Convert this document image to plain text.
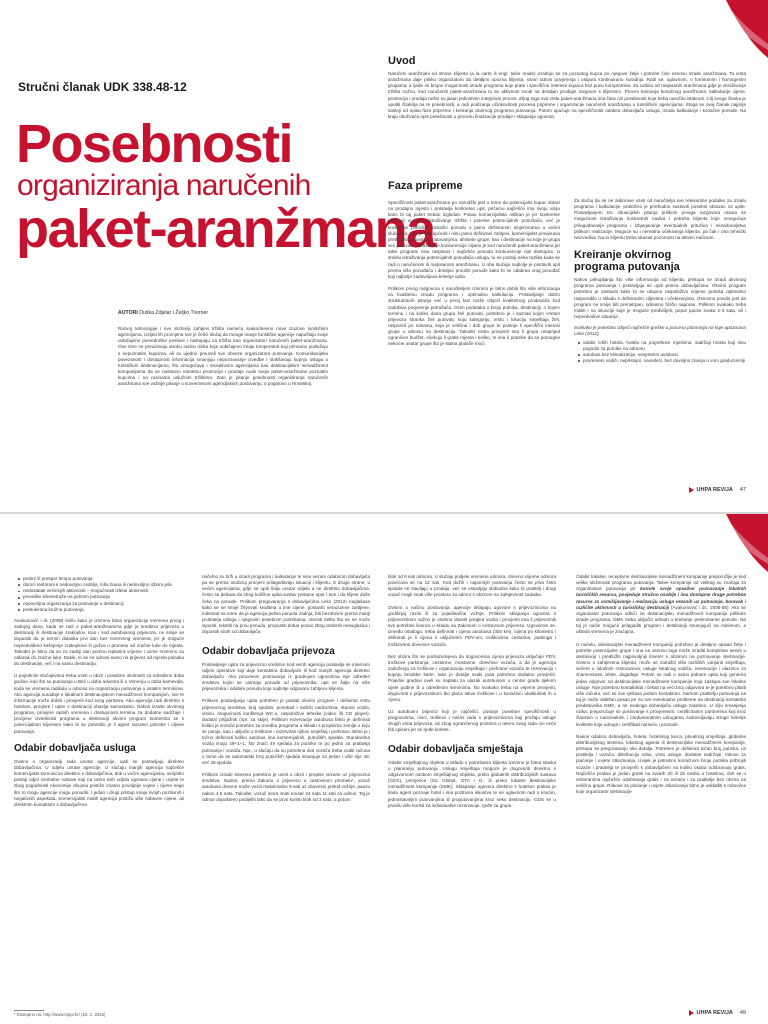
Stručni članak UDK 338.48-12
Posebnosti
organiziranja naručenih
paket-aranžmana
AUTORI Duška Zdjelar i Željko Trezner
Razvoj tehnologije i sve složeniji zahtjevi tržišta nameću svakodnevno nove izazove turističkim agencijama. Usljed tih promjena sve je češći slučaj da mnoge manje turističke agencije napuštaju svoje uobičajene posredničke poslove i nastupaju na tržištu kao organizatori naručenih paket-aranžmana. One time ne preuzimaju visoku razinu rizika koje uobičajeno imaju turoperatori koji primamo poslužuju s nepoznatim kupcima, ali su ujedno preuzeli sve obveze organizatora putovanja. Komunikacijska povezanost i dostupnost informacija smanjuju nepoznavanje izvedbe i olakšavaju kupnju usluga u turističkim destinacijama, što omogućava i receptivnim agencijama kao destinacijskim menadžment kompanijama da se nastavno nametnu promocije i prodaje nude svoje paket-aranžmane poznatim kupcima i na razinama uslužnim tržištima. Zato je pitanje posebnosti organiziranja naručenih aranžmana sve važnije pitanje u suvremenom agencijskom poslovanju, a pogotovo u Hrvatskoj.
Uvod
Naručeni aranžmani od strane klijenta (a la carte ili engl. tailor made) izrađuju se za poznatog kupca po njegove želje i potrebe čine osnovu izrade aranžmana. Ta vrsta aranžmana daje priliku organizatoru da detaljno upozna klijenta, stvori odnos povjerenja i osigura kontinuiranu suradnju. Radi se, uglavnom, o formiranim i homogenim grupama, a rjeđe se brojne mogućnosti izrade programa koje prate i specifične interese kupaca bez puno kompromisa. Za razliku od raspisanih aranžmana gdje je istraživanje tržišta nužno, kod naručenih paket-aranžmana to se aktivnost svodi na detaljan prodajni razgovor s klijentom. Proces kreiranja konačnog aranžmana, kalkulacije cijene, promocija i prodaja nešto su jasan jedinstven integrirani proces. Zbog toga ova vrsta paket-aranžmana ima čitav niz posebnosti koje treba naročito istaknuti. Cilj ovoga članka je uputiti čitatelja na te posebnosti, a radi podizanja učinkovitosti procesa pripreme i organizacije naručenih aranžmana u turističkim agencijama. Stoga se ovaj članak najprije sastoji od opisa faze pripreme i kreiranja okvirnog programa putovanja. Potom upućuje na specifičnosti odabira dobavljača usluga, izradu kalkulacije i konačne ponude. Na kraju obuhvaća opis posebnosti u procesu finalizacije prodaje i sklapanja ugovora.
Faza pripreme
Specifičnost paket-aranžmana po narudžbi jest u tome da potencijalni kupac dolazi na prodajno mjesto i postavlja konkretan upit, pričemu najčešće ima svoju viziju kako bi taj paket trebao izgledati. Posao komercijalista oslikan je jer konkretne prethodi općenito istraživanje tržišta i potrebe potencijalnih potrošača, već je konkretan potrošač zatražio ponudu s jasno definiranim smjernicama u većini slučajeva. Ako je upit općenit i nisu jasno definirani zahtjevi, komercijalist provjerava prethodna iskustva s putovanjima, afinitete grupe, kao i destinacije na koje je grupa već putovala. Istraživanje konkurencije ciljano je kod naručenih paket-aranžmana jer takvi programi nisu raspisani i najčešće ponuda konkurencije nije dostupna. U smislu istraživanja potencijalnih ponuđača usluga, tu ne postoji neka razlika kada se radi o naručenom ili raspisanom aranžmanu. U oba slučaja najbolje je postaviti upit prema više ponuđača i detaljno proučiti ponude kako bi se odabrao onaj ponuđač koji najbolje zadovoljava kriterije upita.
Prilikom prvog razgovora s naručiteljem iznimno je bitno dobiti što više informacija za kvalitetnu izradu programa i optimalnu kalkulaciju. Postavljanje dobro strukturiranih pitanja već u prvoj fazi može izbjeći kvalitetnog prodavača kod zadobiva povjerenje potrošača. Osim podataka o broju putnika, destinaciji, o kojem terminu i na koliko dana grupa želi putovati, potrebno je i saznati kojim vrstom prijevoza stranka želi putovati, koju kategoriju, vrstu i lokaciju smještaja želi, raspored po sobama, koja je veličina i dob grupe te postoje li specifični interesi grupe u odnosu na destinaciju. Također treba provjeriti ima li grupa unaprijed ograničen budžet, očekuju li gratis mjesta i koliko, te ima li potrebe da se pomogne nekome unutar grupe što je stalna plateže moći.
Za slučaj da se ne zaborave uzeti od naručitelja sve relevantne podatke za izradu programa i kalkulacije, praktično je prethodno sastaviti posebni obrazac za upite. Postavljanjem tzv. situacijskih pitanja prilikom prvoga razgovora otvara se mogućnost istraživanja konkretnih navika i potreba klijenta koje omogućuje prilagođavanje programa i izbjegavanje eventualnih prituživa i nezadovoljstva prilikom realizacije. Moguće su i nerealna očekivanja klijenta, pa čak i ona tehnički neizvediva. Na to klijentu treba ukazati pozornost na takvim načinom.
Kreiranje okvirnog
programa putovanja
Nakon prikupljanja što više informacija od klijenta, pristupa se izradi okvirnog programa putovanja i postavljaju se upiti prema dobavljačima. Okvirni program potrebno je sastaviti kako bi se ukupno raspoloživo vrijeme putnika optimalno rasporedilo u skladu s definiranim ciljevima i očekivanjima. Osnovno pravilo jest da program ne smije biti prenatrpan, odnosno fizički naporan. Prilikom svakako treba misliti i na situacije koje je moguće predvidjeti, poput pauze svaka 2-3 sata, ali i nepredvidive situacije.
Svakako je potrebno izbjeći najčešće greške u procesu planiranja na koje upozorava Leko (2012):
odabir loših hotela, hotela na pogrešnim mjestima, sadržaji hotela koji nisu pogodni za putnike na odmoru
autobusi bez klimatizacije, nespremni autobusi
povremeni vodiči, nepristojni, navodeći, bez dovoljno znanja o vom gradu/zemlji
UHPA REVIJA 47
prebrz ili prespor tempo putovanja
obroci restorani s nedovoljno osoblja, loša hrana ili nedovoljno izbora jela
nedostatak večernjih aktivnosti – mogućnosti izleta/ aktivnosti
prevelike kilometraže na jednom putovanju
nepovoljna organizacija za putovanje u destinaciji
prebukirana kružna putovanja.
Avakumović i dr. (2008) ističu kako je iznimno bitna organizacija vremena prvog i zadnjeg dana, kada se radi o paket-aranžmanima gdje je sredstvo prijevoza u destinaciji ili destinacije zrakoplov. Kao i kod autobusnog prijevoza, ne smije se dopustiti da je termin dolaska prvi dan bez rezervnog vremena, jer je moguće nepredviđeno kašnjenje zrakoplova ili gužva u prometu od zračne luke do mjesta. Također je bitno da se za zadnji dan pomno isplanira vrijeme i uzme rezervno za odlazak do zračne luke. Dakle, to se ne odnosi samo na prijevoz od mjesta polaska do destinacije, već i na samu destinaciju.
U pojedinim slučajevima treba uzeti u obzir i posebne okolnosti za određeno doba godine, kao što su putovanja u Beč u doba adventa ili u Veneciju u doba karnevala, kada se vremena radikalu u odnosu na organizaciju putovanja u ostalim terminima. Ako agencija surađuje s lokalnom destinacijskom menadžment kompanijom, sve te informacije može dobiti i provjeriti kod svog partnera. Ako agencija radi direktno s hotelom, provjere i upite o destinaciji obavlja samostalno. Nakon izrade okvirnog programa, provjere radnih vremena i dostupnosti termina za dodatne sadržaje i procjene izvedivosti programa u destinaciji okvirni program komentira se s potencijalnim klijentom kako bi se potvrdilo je li agent razumio potrebe i ciljeve putovanja.
Odabir dobavljača usluga
Ovisno o organizaciji rada unutar agencije, upiti se postavljaju direktno dobavljačima. U odjelu unutar agencije. U slučaju manjih agencija najčešće komercijalist komunicira direktno s dobavljačima, dok u većim agencijama, nerijetko postoji odjel centralne nabave koji na razini svih odjela ugovara cijene i uvjete te zbog pogodnosti ekonomije obujma postiže znatno povoljnije uvjete i cijene nego što to mogu agencije mogu ponuditi. I jedan i drugi pristup imaju svojih pozitivnih i negativnih aspekata. Komercijalisti malih agencija postižu više nabavne cijene, ali direktnim kontaktom s dobavljačima
načelno su brži u izradi programa i kalkulacije te nisu vezani odabirom dobavljača pa se prema osobnoj procjeni prilagođavaju situaciji i klijentu. S druge strane, u većim agencijama, gdje se upiti šalju unutar odjela a ne direktno dobavljačima, često se dešava da zbog količine upita sustav postane spor i tom i da klijent duže čeka na ponude. Prilikom pregovaranja s dobavljačima Leko (2012) naglašava kako se ne smije žrtvovati kvaliteta u ime cijene, postaviti nerazumne zahtjeve, indistrati na tome da je agencija jedina ponuda zadnja, biti bezobzirni prema manji prubateja usluga i njegovim posebnim potrebama, otezati nešto što se ne može ispuniti, tekstiti na prvu ponudu, propustiti dobar posao zbog osobnih nesuglasica i dopustiti strah od dobavljača.
Odabir dobavljača prijevoza
Postavljanje upita za prijevozno sredstvo kod većih agencija postavlja se internom odjelu operative koji daje kontaktira dobavljače ili kod manjih agencija direktno dobavljaču. Ako procesom posrovanja iz gradinjem ugovorima nije određen sredstvo kojim se ustmaju ponude od prijevoznika, upit se šalje na više prijevoznika i odabire ponuda koja najbolje odgovara zahtjevu klijenta.
Prilikom postavljanja upita potrebno je poslati okvirni program i definirati vrstu prijevoznog sredstva, broj sjedala, ponekad i različit nadzorstva, starost vozila, visinu, mogućnosti korištenja WC-a, raspoložive tehnike (video i/li CD player), dodatni prtljažnik (npr. za skije). Prilikom rezervacije autobusa bitno je definirati koliko je vozača potrebno za izvedbu programa u skladu s propisima zemlje u koju se putuje, kao i uključiti u troškove i rezervirati njihov smještaj i prehranu. Bitno je i točno definirati koliko autobus ima komercijalnih, putničkih sjedala. Standardna vozila imaju 49+1+1, što znači 49 sjedala za putnike te po jedno za pratitelja putovanja i vozača. Npr., u slučaju da su potrebna dva vozača treba voditi računa o tome da se automatski broj putničkih sjedala smanjuje za jedan i više nije 49, već 48 sjedala.
Prilikom izrade itinerera potrebno je uzeti u obzir i propise vezane uz prijevozna sredstva. Naime, prema Zakonu o prijevozu u cestovnom prometu¹, vozač autobusa dnevno može voziti maksimalno 9 sati uz obavezni prekid vožnje, pauzu nakon 4,5 sata. Također, vozač mora imati unutar 24 sata 11 sati za odmor. Taj je odmor dopušteno podijeliti tako da se prvo koristi blok od 3 sata, a potom
blok od 9 sati odmora. U slučaju podjele vremena odmora, dnevno vrijeme odmora povećava se na 12 sati. Kod dužih i napornijih putovanja često se prva četiri sjedala ne stavljaju u prodaju, već se ostavljaju slobodna kako bi pratitelj i drugi vozač mogli imati više prostora za odmor s obzirom na zahtjevnost zadatka.
Ovisno o načinu poslovanja, agencije sklapaju ugovore s prijevoznicima na godišnjoj razini ili za pojedinačne vožnje. Prilikom sklapanja ugovora s prijevoznikom važno je osobno obaviti pregled vozila i provjeriti ima li prijevoznik sve potrebne licence u skladu sa Zakonom o cestovnom prijevozu. Ugovorom se, između ostaloga, treba definirati i cijena autobusa (300 km), cijena po kilometru i definirati je li cijena s uključenim PDV-om, troškovima cestarina, parkinga i troškovima dnevnice vozača.
Bez obzira što se podrazumijeva da dogovorena cijena prijevoza uključuje PDV, troškove parkiranja, cestarine, mostarine, dnevnice vozača, a da je agencija zaduženja za troškove i organizaciju smještaja i prehrane vozača te rezervaciju i kupnju brodske karte, tako je detalje svaki puta potrebno dodatno provjeriti. Pojedini gradovi uveli su naplatu za ulazak autobusom u centar grada tijekom cijele godine ili u određenim terminima, što svakako treba na vrijeme provjeriti, dogovoriti s prijevoznikom tko plaća takve troškove i u konačnici ukalkulirati ih u cijenu.
Uz autobusni prijevoz koji je najčešći, postoje posebne specifičnosti u pregovorima, rizici, troškovi i načini rada s prijevoznicima koji pružaju usluge drugih vrsta prijevoza, ali zbog ograničenog prostora u okviru ovog rada oni neće biti opisani jer se rjeđe koriste.
Odabir dobavljača smještaja
Odabir smještajnog objekta u skladu s potrebama klijenta iznimno je bitna stavka u planiranju putovanja. Uslugu smještaja moguće je dogovoriti direktno s odgovornom osobom smještajnog objekta, preko globalnih distribucijskih sustava (GDS), primjerice (Sic Global, GTA i sl., ili preko lokalne destinacijske menadžment kompanije (DMK). Sklapanje ugovora direktno s hotelom praksa je kada agent poznaje hotel i ima pozitivna iskustva te se uglavnom radi o kraćim, jednostavnijim putovanjima ili proputovanjima kroz neku destinaciju. GDS se u pravilu više koristi za individualne rezervacije, rjeđe za grupe.
Odabir lokalne, receptivne destinacijske menadžment kompanije preporučljiv je kod velike složenosti programa putovanja. Takve kompanije od velikog su značaja za organizatora putovanja jer koriste svoje opsežno poznavanje lokalnih turističkih resursa, posjeduje stručno osoblje i ima dostupne druge potrebne resurse za osmišljavanje i realizaciju usluga vezanih uz putovanje, boravak i različite aktivnosti u turističkoj destinaciji (Avakumović i dr., 2008-55). Ako se organizator putovanja odluči za destinacijsku menadžment kompaniju prilikom izrade programa, DMK treba uključiti odmah u kreiranje preliminarne ponude. Na taj je način moguće prilagoditi program i destinaciji smanjujući na minimum, a ušteda vremena je značajna.
U načelu, destinacijski menadžment kompaniji potrebno je detaljno opisati želje i potrebe potencijalne grupe i ona na osnovu toga može izraditi kompletan servis u destinaciji i predložiti najpovoljniji itinerer s obzirom na poznavanje destinacije. Ovisno o zahtjevima klijenta, može se zatražiti više različitih varijanti smještaja, večere u lokalnim restoranima, usluge lokalnog vodiča, rezervacije i ulaznice za znamenitosti, izlete, događaje. Pritom se radi o samo jednom upitu koji generira jedan odgovor od destinacijske menadžment kompanije koja zastupa sve lokalne usluge. Nije potrebno kontaktirati i čekati na veći broj odgovora te je potrebno platiti više računa, već se sve rješava jednim kontaktom. Samom pratitelju putovanja na taj je način olakšan posao jer za sve eventualne probleme na destinaciji kontaktira predstavnika DMK, a ne svakoga dobavljača usluga zasebno. U cilju smanjenja rizika, preporučuje se poslovanje s provjerenim, certificiranim partnerima koji kroz članstvo u nacionalnim i međunarodnim udrugama zadovoljavaju stroge kriterije kvalitete koje udruge i certifikati nameću i provode.
Nakon odabira dobavljača, hotela, hotelskog lanca, privatnog smještaja, globalne distribucijskog sistema, lokalnog agenta ili destinacijske menadžment kompanije, pristupa se pregovaranju oko detalja. Potrebno je definirati točan broj putnika, uz pratitelja i vozača, distribuciju soba, vrstu usluge, dodatne sadržaje, rokove za plaćanje i uvjete otkazivanja. Uvijek je potrebno konačnom broju putnika pribrojiti vozače i pratitelja te provjeriti s dobavljačem na koliko osoba odobravaju gratis. Najčešća praksa je jedan gratis na svakih 20 ili 25 osoba u hotelima, dok se u restoranima najčešće odobravaju gratis i za vozače i za pratitelje bez obzira na veličinu grupe. Rokove za plaćanje i uvjete otkazivanja bitno je usklađiti s rokovima koje organizator destinacije
¹ Dostupno na: http://www.mppi.hr/ (15. 1. 2015)	UHPA REVIJA 49
